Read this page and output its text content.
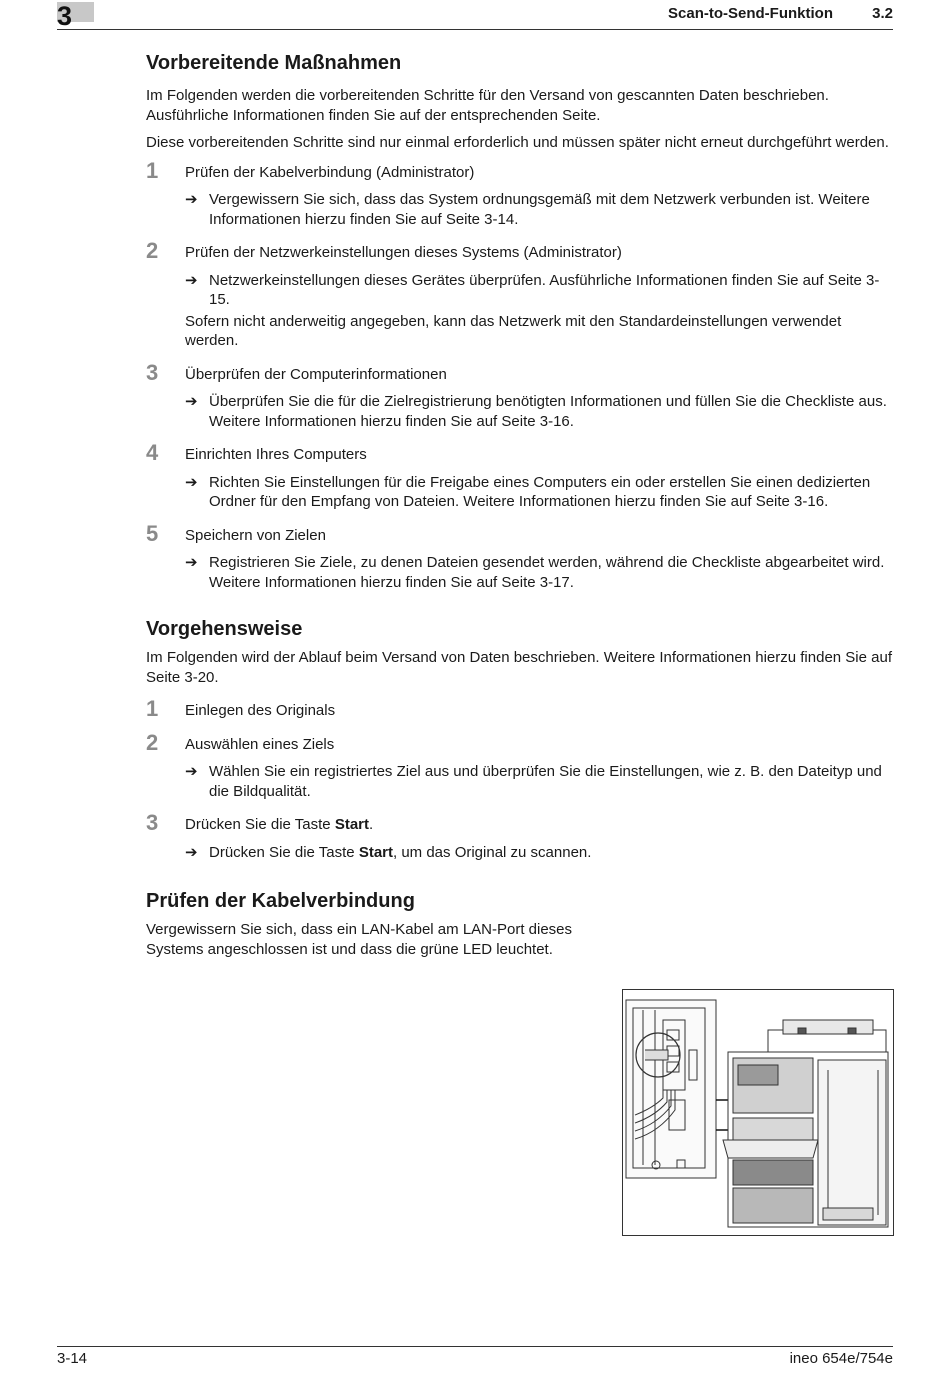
3	Scan-to-Send-Funktion	3.2
Vorbereitende Maßnahmen

Im Folgenden werden die vorbereitenden Schritte für den Versand von gescannten Daten beschrieben. Ausführliche Informationen finden Sie auf der entsprechenden Seite.

Diese vorbereitenden Schritte sind nur einmal erforderlich und müssen später nicht erneut durchgeführt werden.

1 Prüfen der Kabelverbindung (Administrator)
➔ Vergewissern Sie sich, dass das System ordnungsgemäß mit dem Netzwerk verbunden ist. Weitere Informationen hierzu finden Sie auf Seite 3-14.
2 Prüfen der Netzwerkeinstellungen dieses Systems (Administrator)
➔ Netzwerkeinstellungen dieses Gerätes überprüfen. Ausführliche Informationen finden Sie auf Seite 3-15.
Sofern nicht anderweitig angegeben, kann das Netzwerk mit den Standardeinstellungen verwendet werden.
3 Überprüfen der Computerinformationen
➔ Überprüfen Sie die für die Zielregistrierung benötigten Informationen und füllen Sie die Checkliste aus. Weitere Informationen hierzu finden Sie auf Seite 3-16.
4 Einrichten Ihres Computers
➔ Richten Sie Einstellungen für die Freigabe eines Computers ein oder erstellen Sie einen dedizierten Ordner für den Empfang von Dateien. Weitere Informationen hierzu finden Sie auf Seite 3-16.
5 Speichern von Zielen
➔ Registrieren Sie Ziele, zu denen Dateien gesendet werden, während die Checkliste abgearbeitet wird. Weitere Informationen hierzu finden Sie auf Seite 3-17.
Vorgehensweise

Im Folgenden wird der Ablauf beim Versand von Daten beschrieben. Weitere Informationen hierzu finden Sie auf Seite 3-20.

1 Einlegen des Originals
2 Auswählen eines Ziels
➔ Wählen Sie ein registriertes Ziel aus und überprüfen Sie die Einstellungen, wie z. B. den Dateityp und die Bildqualität.
3 Drücken Sie die Taste Start.
➔ Drücken Sie die Taste Start, um das Original zu scannen.
Prüfen der Kabelverbindung

Vergewissern Sie sich, dass ein LAN-Kabel am LAN-Port dieses Systems angeschlossen ist und dass die grüne LED leuchtet.

3-14	ineo 654e/754e
